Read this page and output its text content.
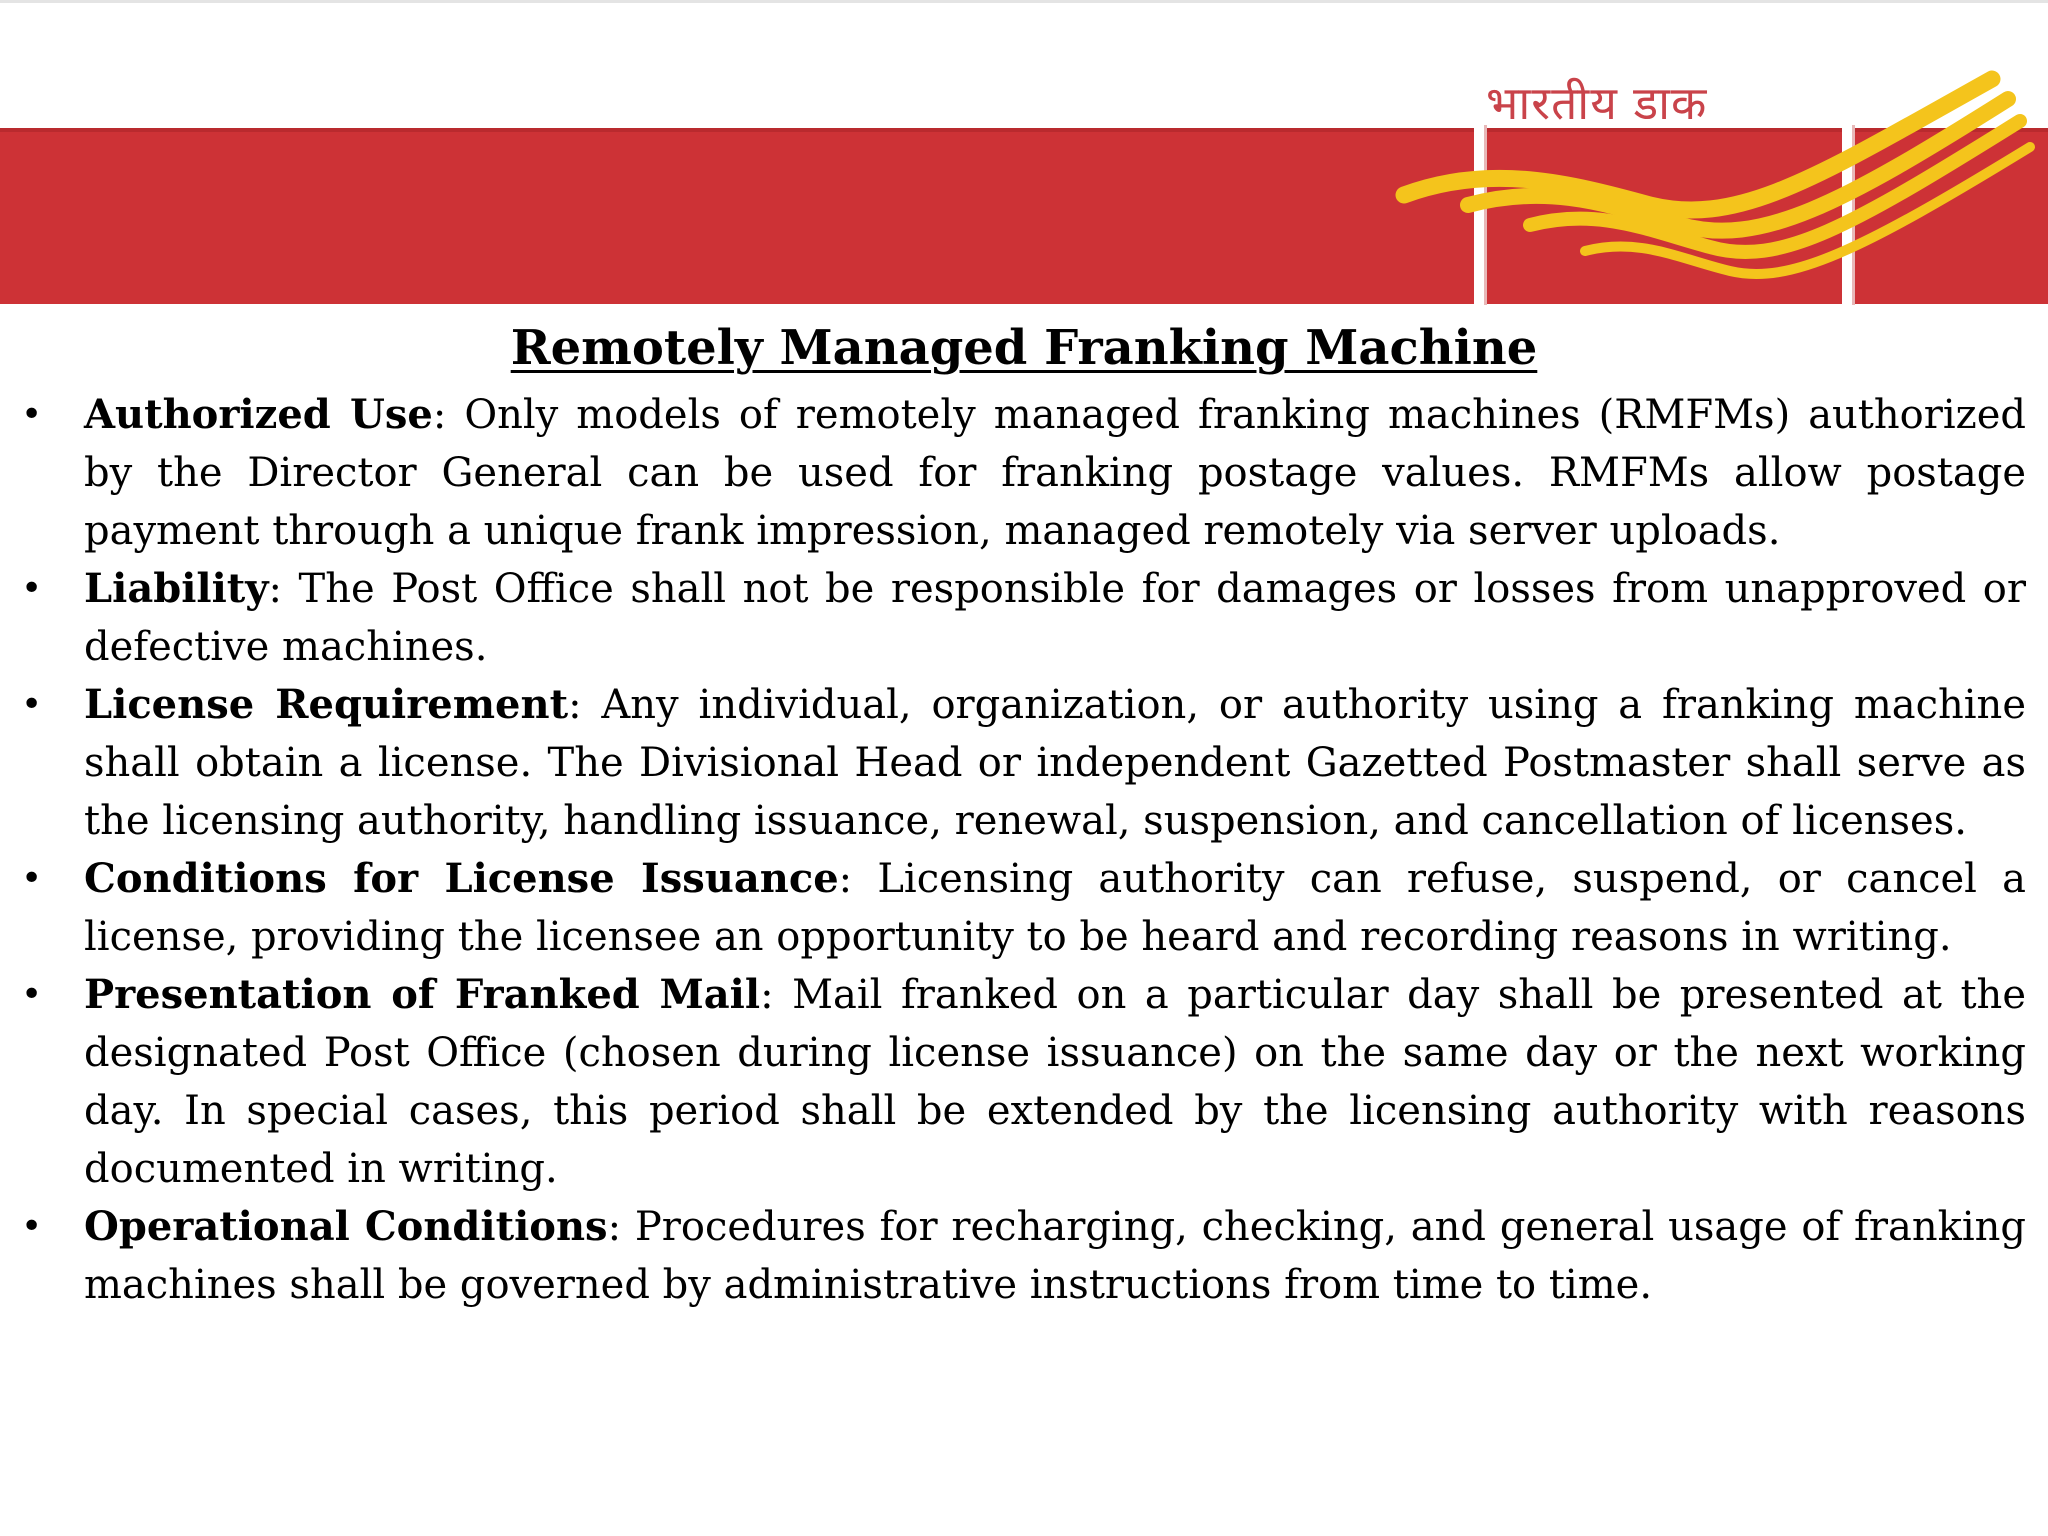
भारतीय डाक
Remotely Managed Franking Machine
• Authorized Use: Only models of remotely managed franking machines (RMFMs) authorized by the Director General can be used for franking postage values. RMFMs allow postage payment through a unique frank impression, managed remotely via server uploads.
• Liability: The Post Office shall not be responsible for damages or losses from unapproved or defective machines.
• License Requirement: Any individual, organization, or authority using a franking machine shall obtain a license. The Divisional Head or independent Gazetted Postmaster shall serve as the licensing authority, handling issuance, renewal, suspension, and cancellation of licenses.
• Conditions for License Issuance: Licensing authority can refuse, suspend, or cancel a license, providing the licensee an opportunity to be heard and recording reasons in writing.
• Presentation of Franked Mail: Mail franked on a particular day shall be presented at the designated Post Office (chosen during license issuance) on the same day or the next working day. In special cases, this period shall be extended by the licensing authority with reasons documented in writing.
• Operational Conditions: Procedures for recharging, checking, and general usage of franking machines shall be governed by administrative instructions from time to time.
